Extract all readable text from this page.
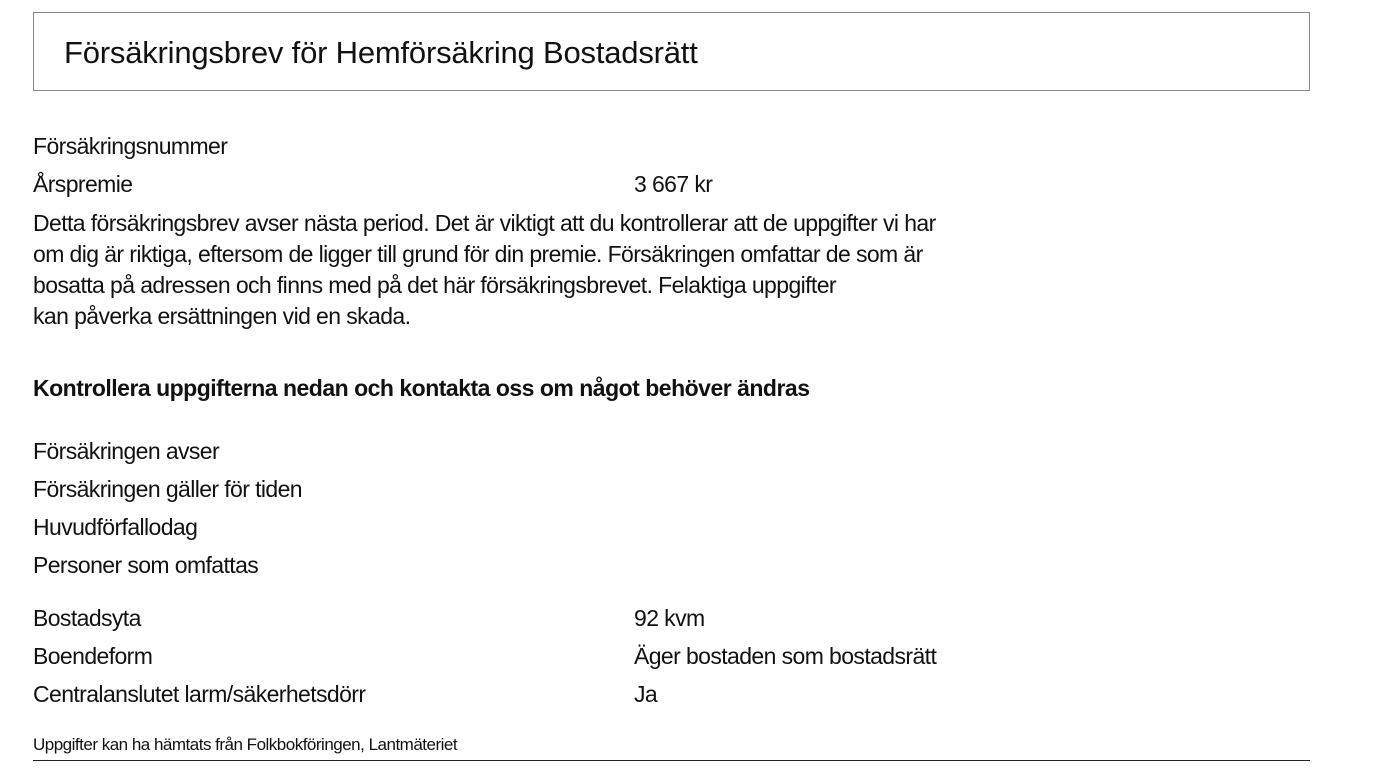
Försäkringsbrev för Hemförsäkring Bostadsrätt
Försäkringsnummer
Årspremie	3 667 kr

Detta försäkringsbrev avser nästa period. Det är viktigt att du kontrollerar att de uppgifter vi har
om dig är riktiga, eftersom de ligger till grund för din premie. Försäkringen omfattar de som är
bosatta på adressen och finns med på det här försäkringsbrevet. Felaktiga uppgifter
kan påverka ersättningen vid en skada.

Kontrollera uppgifterna nedan och kontakta oss om något behöver ändras
Försäkringen avser
Försäkringen gäller för tiden
Huvudförfallodag
Personer som omfattas
Bostadsyta	92 kvm
Boendeform	Äger bostaden som bostadsrätt
Centralanslutet larm/säkerhetsdörr	Ja
Uppgifter kan ha hämtats från Folkbokföringen, Lantmäteriet
